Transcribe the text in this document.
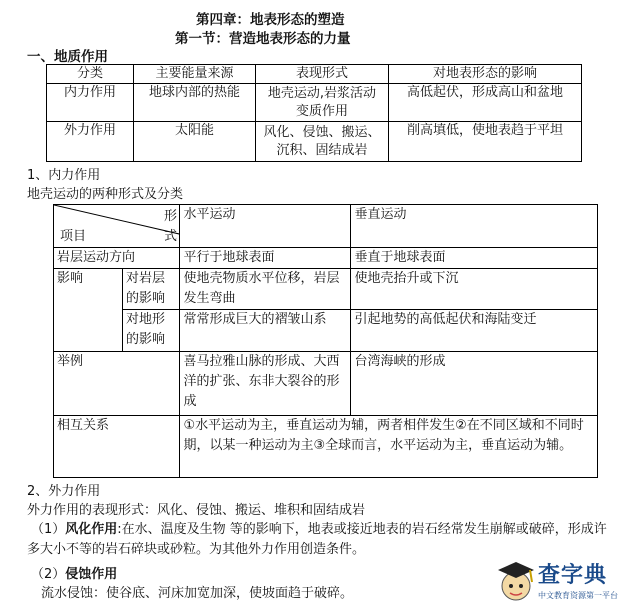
第四章：地表形态的塑造
第一节：营造地表形态的力量
一、地质作用
分类	主要能量来源	表现形式	对地表形态的影响
内力作用	地球内部的热能	地壳运动,岩浆活动变质作用	高低起伏，形成高山和盆地
外力作用	太阳能	风化、侵蚀、搬运、沉积、固结成岩	削高填低，使地表趋于平坦
1、内力作用
地壳运动的两种形式及分类
形式
项目		水平运动	垂直运动
岩层运动方向		平行于地球表面	垂直于地球表面
影响	对岩层的影响	使地壳物质水平位移，岩层发生弯曲	使地壳抬升或下沉
	对地形的影响	常常形成巨大的褶皱山系	引起地势的高低起伏和海陆变迁
举例		喜马拉雅山脉的形成、大西洋的扩张、东非大裂谷的形成	台湾海峡的形成
相互关系		①水平运动为主，垂直运动为辅，两者相伴发生②在不同区域和不同时期，以某一种运动为主③全球而言，水平运动为主，垂直运动为辅。	
2、外力作用
外力作用的表现形式：风化、侵蚀、搬运、堆积和固结成岩
（1）风化作用:在水、温度及生物 等的影响下，地表或接近地表的岩石经常发生崩解或破碎，形成许多大小不等的岩石碎块或砂粒。为其他外力作用创造条件。
（2）侵蚀作用
流水侵蚀：使谷底、河床加宽加深，使坡面趋于破碎。
查字典
中文教育资源第一平台
